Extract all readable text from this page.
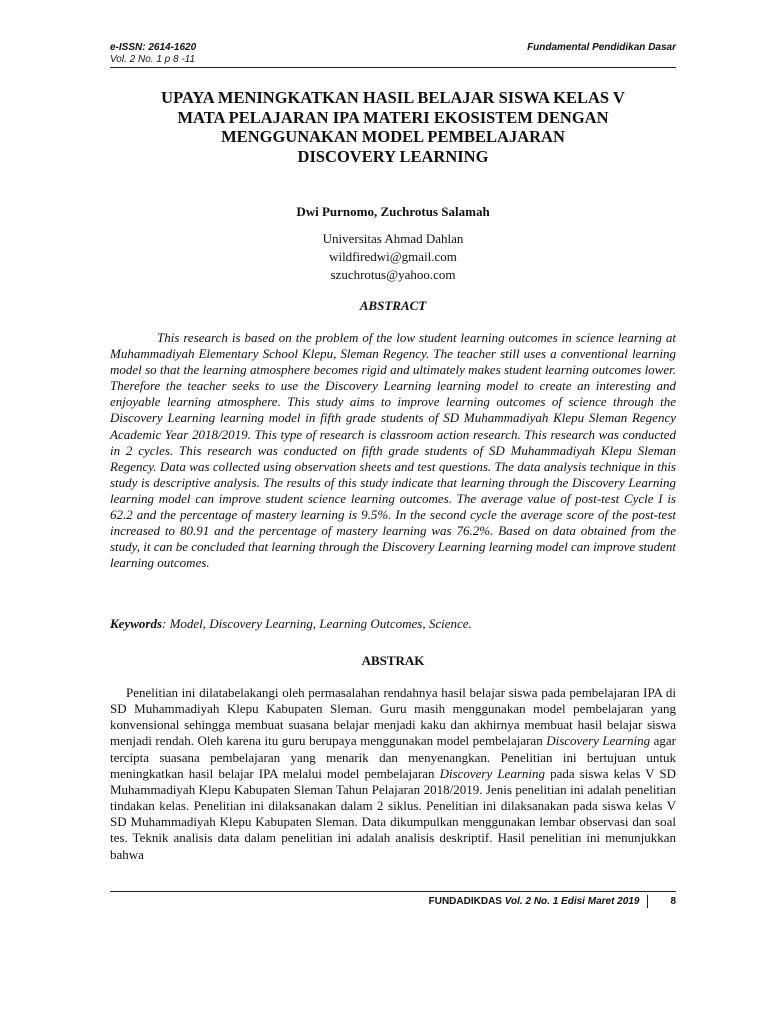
e-ISSN: 2614-1620
Vol. 2 No. 1 p 8 -11
Fundamental Pendidikan Dasar
UPAYA MENINGKATKAN HASIL BELAJAR SISWA KELAS V
MATA PELAJARAN IPA MATERI EKOSISTEM DENGAN
MENGGUNAKAN MODEL PEMBELAJARAN
DISCOVERY LEARNING
Dwi Purnomo, Zuchrotus Salamah
Universitas Ahmad Dahlan
wildfiredwi@gmail.com
szuchrotus@yahoo.com
ABSTRACT

This research is based on the problem of the low student learning outcomes in science learning at Muhammadiyah Elementary School Klepu, Sleman Regency. The teacher still uses a conventional learning model so that the learning atmosphere becomes rigid and ultimately makes student learning outcomes lower. Therefore the teacher seeks to use the Discovery Learning learning model to create an interesting and enjoyable learning atmosphere. This study aims to improve learning outcomes of science through the Discovery Learning learning model in fifth grade students of SD Muhammadiyah Klepu Sleman Regency Academic Year 2018/2019. This type of research is classroom action research. This research was conducted in 2 cycles. This research was conducted on fifth grade students of SD Muhammadiyah Klepu Sleman Regency. Data was collected using observation sheets and test questions. The data analysis technique in this study is descriptive analysis. The results of this study indicate that learning through the Discovery Learning learning model can improve student science learning outcomes. The average value of post-test Cycle I is 62.2 and the percentage of mastery learning is 9.5%. In the second cycle the average score of the post-test increased to 80.91 and the percentage of mastery learning was 76.2%. Based on data obtained from the study, it can be concluded that learning through the Discovery Learning learning model can improve student learning outcomes.

Keywords: Model, Discovery Learning, Learning Outcomes, Science.

ABSTRAK

Penelitian ini dilatabelakangi oleh permasalahan rendahnya hasil belajar siswa pada pembelajaran IPA di SD Muhammadiyah Klepu Kabupaten Sleman. Guru masih menggunakan model pembelajaran yang konvensional sehingga membuat suasana belajar menjadi kaku dan akhirnya membuat hasil belajar siswa menjadi rendah. Oleh karena itu guru berupaya menggunakan model pembelajaran Discovery Learning agar tercipta suasana pembelajaran yang menarik dan menyenangkan. Penelitian ini bertujuan untuk meningkatkan hasil belajar IPA melalui model pembelajaran Discovery Learning pada siswa kelas V SD Muhammadiyah Klepu Kabupaten Sleman Tahun Pelajaran 2018/2019. Jenis penelitian ini adalah penelitian tindakan kelas. Penelitian ini dilaksanakan dalam 2 siklus. Penelitian ini dilaksanakan pada siswa kelas V SD Muhammadiyah Klepu Kabupaten Sleman. Data dikumpulkan menggunakan lembar observasi dan soal tes. Teknik analisis data dalam penelitian ini adalah analisis deskriptif. Hasil penelitian ini menunjukkan bahwa

FUNDADIKDAS
Vol. 2 No. 1 Edisi Maret 2019	8
